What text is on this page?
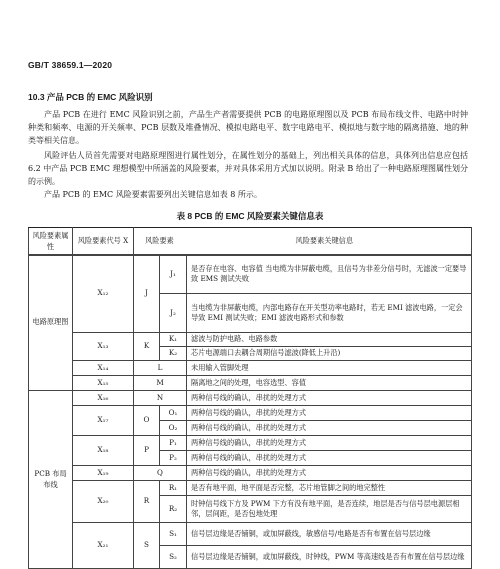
GB/T 38659.1—2020
10.3 产品 PCB 的 EMC 风险识别
产品 PCB 在进行 EMC 风险识别之前，产品生产者需要提供 PCB 的电路原理图以及 PCB 布局布线文件、电路中时钟种类和频率、电源的开关频率、PCB 层数及堆叠情况、模拟电路电平、数字电路电平、模拟地与数字地的隔离措施、地的种类等相关信息。
风险评估人员首先需要对电路原理图进行属性划分，在属性划分的基础上，列出相关具体的信息，具体列出信息应包括 6.2 中产品 PCB EMC 理想模型中所涵盖的风险要素，并对具体采用方式加以说明。附录 B 给出了一种电路原理图属性划分的示例。
产品 PCB 的 EMC 风险要素需要列出关键信息如表 8 所示。
表 8 PCB 的 EMC 风险要素关键信息表
风险要素属性	风险要素代号 X	风险要素	风险要素关键信息
电路原理图	X₁₂	J	J₁	是否存在电容、电容值 当电缆为非屏蔽电缆，且信号为非差分信号时，无滤波一定要导致 EMS 测试失败
			J₂	当电缆为非屏蔽电缆，内部电路存在开关型功率电路时，若无 EMI 滤波电路，一定会导致 EMI 测试失败；EMI 滤波电路形式和参数
	X₁₃	K	K₁	滤波与防护电路、电路参数
			K₂	芯片电源端口去耦合周期信号滤波(降低上升沿)
	X₁₄	L		未用输入管脚处理
	X₁₅	M		隔离地之间的处理，电容选型、容值
PCB 布局布线	X₁₆	N		两种信号线的确认，串扰的处理方式
	X₁₇	O	O₁	两种信号线的确认，串扰的处理方式
			O₂	两种信号线的确认，串扰的处理方式
	X₁₈	P	P₁	两种信号线的确认，串扰的处理方式
			P₂	两种信号线的确认，串扰的处理方式
	X₁₉	Q		两种信号线的确认，串扰的处理方式
	X₂₀	R	R₁	是否有地平面，地平面是否完整，芯片地管脚之间的地完整性
			R₂	时钟信号线下方及 PWM 下方有没有地平面，是否连续，地层是否与信号层电源层相邻，层间距，是否包地处理
	X₂₁	S	S₁	信号层边缘是否铺铜，或加屏蔽线，敏感信号/电路是否有布置在信号层边缘
			S₂	信号层边缘是否铺铜，或加屏蔽线，时钟线，PWM 等高速线是否有布置在信号层边缘
